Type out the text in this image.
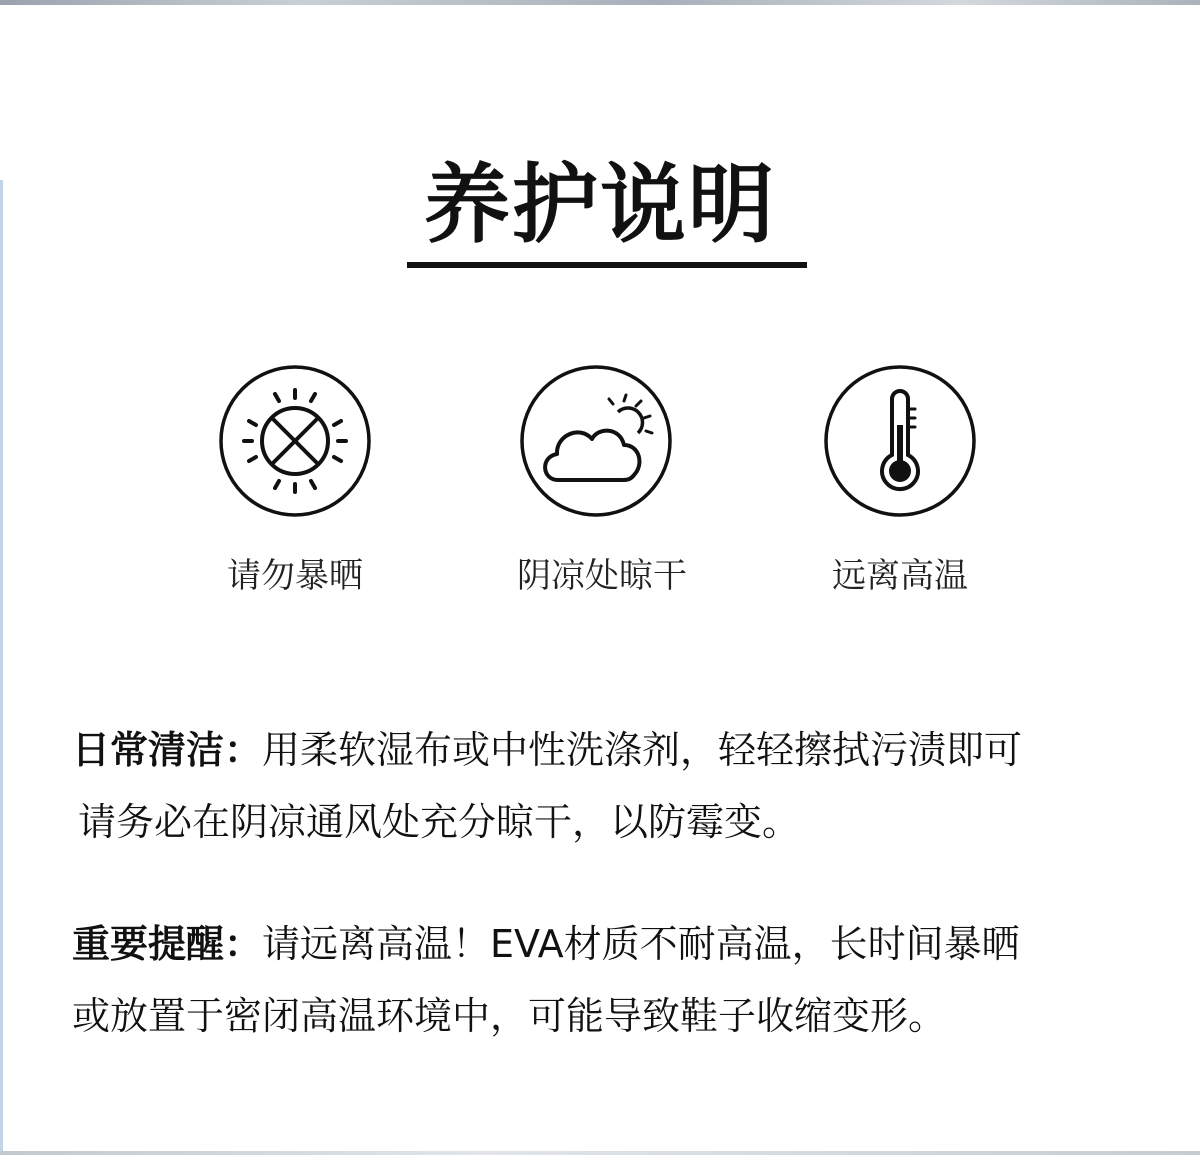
养护说明
请勿暴晒	阴凉处晾干	远离高温
日常清洁：用柔软湿布或中性洗涤剂，轻轻擦拭污渍即可
请务必在阴凉通风处充分晾干，以防霉变。
重要提醒：请远离高温！EVA材质不耐高温，长时间暴晒
或放置于密闭高温环境中，可能导致鞋子收缩变形。
